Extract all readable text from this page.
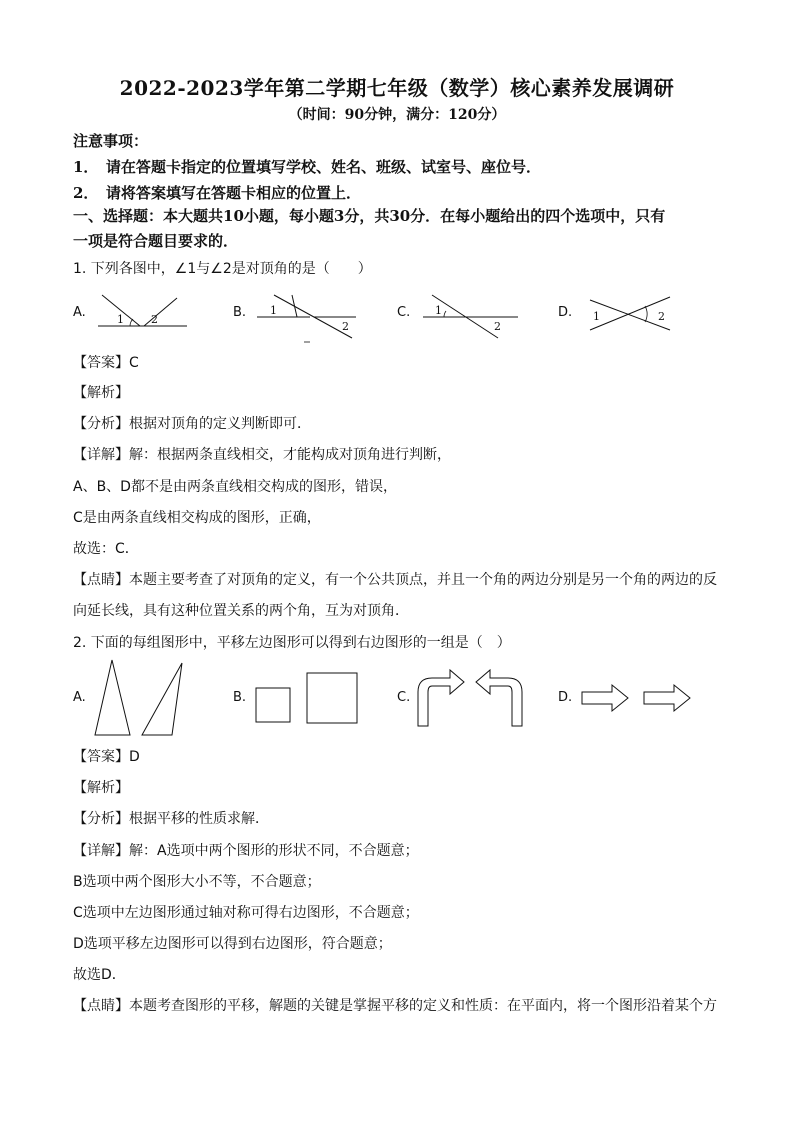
2022-2023学年第二学期七年级（数学）核心素养发展调研
（时间：90分钟，满分：120分）
注意事项：
1．　请在答题卡指定的位置填写学校、姓名、班级、试室号、座位号．
2．　请将答案填写在答题卡相应的位置上．
一、选择题：本大题共10小题，每小题3分，共30分．在每小题给出的四个选项中，只有
一项是符合题目要求的．
1. 下列各图中，∠1与∠2是对顶角的是（　　）
A.	B.	C.	D.
1 2
1
2
1
2
1	2
【答案】C
【解析】
【分析】根据对顶角的定义判断即可．
【详解】解：根据两条直线相交，才能构成对顶角进行判断，
A、B、D都不是由两条直线相交构成的图形，错误，
C是由两条直线相交构成的图形，正确，
故选：C．
【点睛】本题主要考查了对顶角的定义，有一个公共顶点，并且一个角的两边分别是另一个角的两边的反
向延长线，具有这种位置关系的两个角，互为对顶角．
2. 下面的每组图形中，平移左边图形可以得到右边图形的一组是（　）
A.	B.	C.	D.
【答案】D
【解析】
【分析】根据平移的性质求解．
【详解】解：A选项中两个图形的形状不同，不合题意；
B选项中两个图形大小不等，不合题意；
C选项中左边图形通过轴对称可得右边图形，不合题意；
D选项平移左边图形可以得到右边图形，符合题意；
故选D．
【点睛】本题考查图形的平移，解题的关键是掌握平移的定义和性质：在平面内，将一个图形沿着某个方
